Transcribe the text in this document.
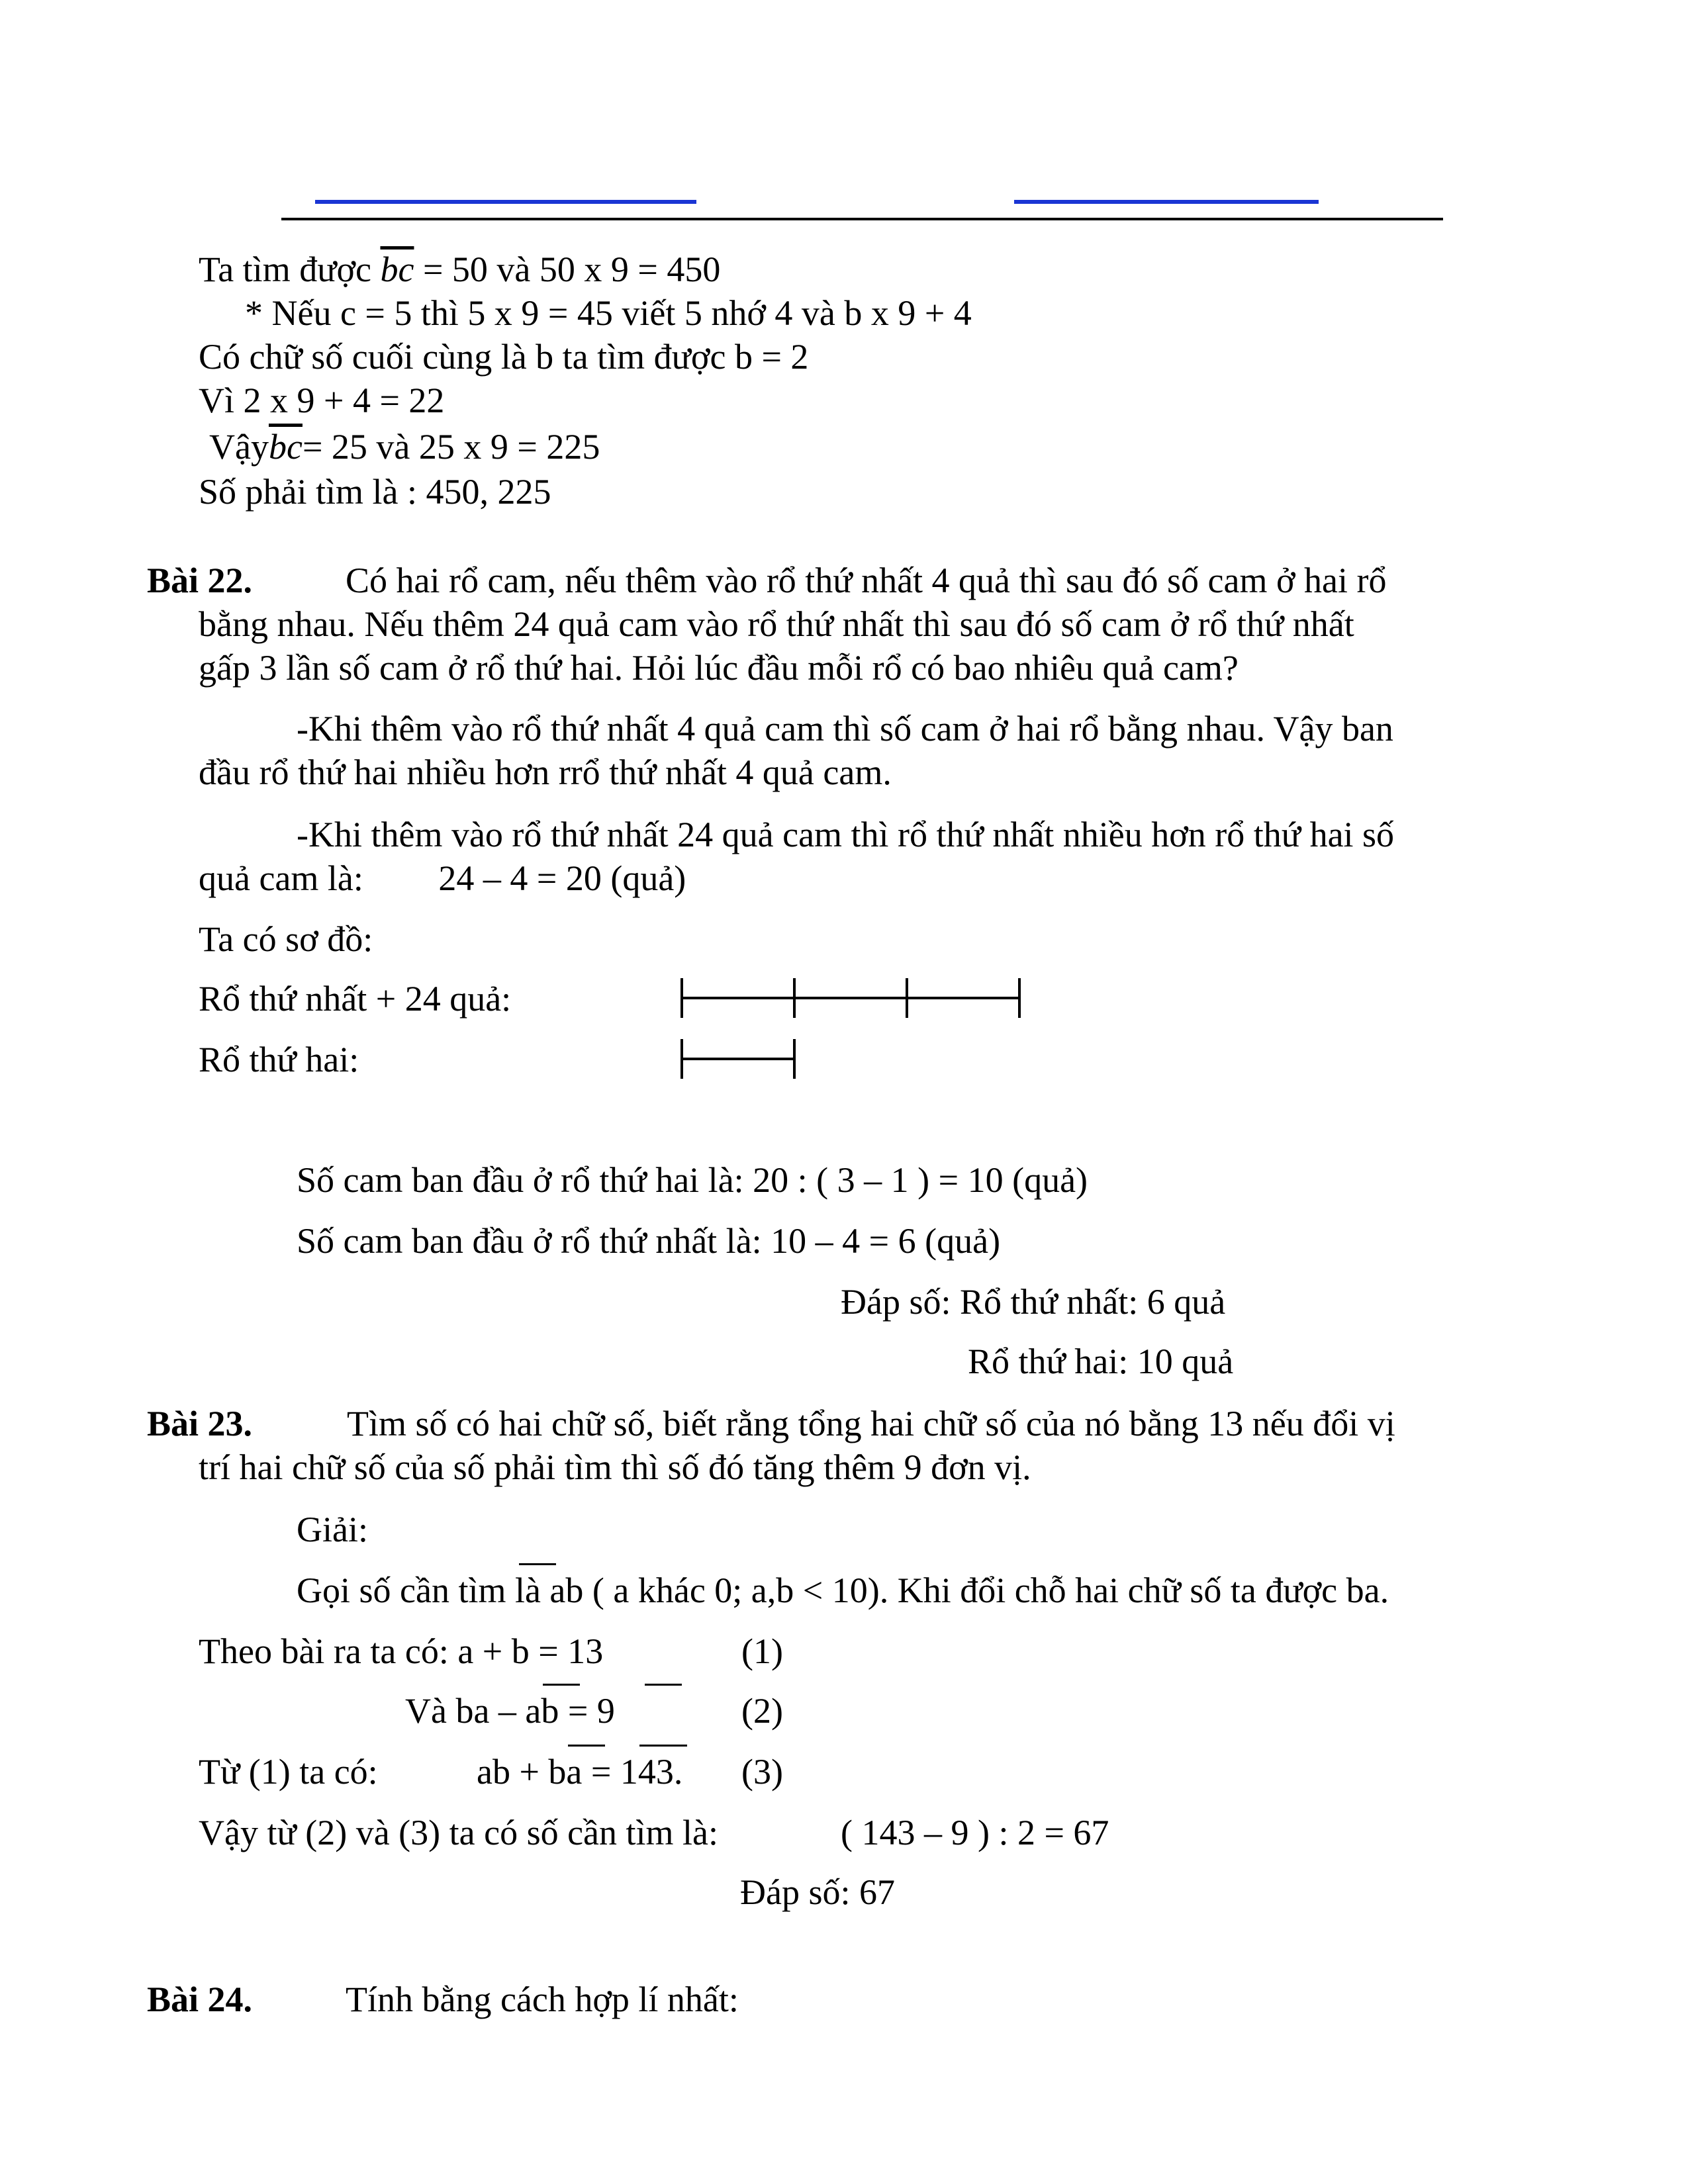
Ta tìm được $\overline{bc} = 50$ và 50 x 9 = 450
* Nếu c = 5 thì 5 x 9 = 45 viết 5 nhớ 4 và b x 9 + 4
Có chữ số cuối cùng là b ta tìm được b = 2
Vì 2 x 9 + 4 = 22
$Vậy\overline{bc}= 25$ và 25 x 9 = 225
Số phải tìm là : 450, 225
Bài 22.	Có hai rổ cam, nếu thêm vào rổ thứ nhất 4 quả thì sau đó số cam ở hai rổ
bằng nhau. Nếu thêm 24 quả cam vào rổ thứ nhất thì sau đó số cam ở rổ thứ nhất
gấp 3 lần số cam ở rổ thứ hai. Hỏi lúc đầu mỗi rổ có bao nhiêu quả cam?
-Khi thêm vào rổ thứ nhất 4 quả cam thì số cam ở hai rổ bằng nhau. Vậy ban
đầu rổ thứ hai nhiều hơn rrổ thứ nhất 4 quả cam.
-Khi thêm vào rổ thứ nhất 24 quả cam thì rổ thứ nhất nhiều hơn rổ thứ hai số
quả cam là: 24 – 4 = 20 (quả)
Ta có sơ đồ:
Rổ thứ nhất + 24 quả:
Rổ thứ hai:
Số cam ban đầu ở rổ thứ hai là: 20 : ( 3 – 1 ) = 10 (quả)
Số cam ban đầu ở rổ thứ nhất là: 10 – 4 = 6 (quả)
Đáp số: Rổ thứ nhất: 6 quả
Rổ thứ hai: 10 quả
Bài 23.	Tìm số có hai chữ số, biết rằng tổng hai chữ số của nó bằng 13 nếu đổi vị
trí hai chữ số của số phải tìm thì số đó tăng thêm 9 đơn vị.
Giải:
Gọi số cần tìm là ab ( a khác 0; a,b < 10). Khi đổi chỗ hai chữ số ta được ba.
Theo bài ra ta có: a + b = 13	(1)
Và ba – ab = 9	(2)
Từ (1) ta có:	ab + ba = 143. (3)
Vậy từ (2) và (3) ta có số cần tìm là:	( 143 – 9 ) : 2 = 67
Đáp số: 67
Bài 24.	Tính bằng cách hợp lí nhất:
